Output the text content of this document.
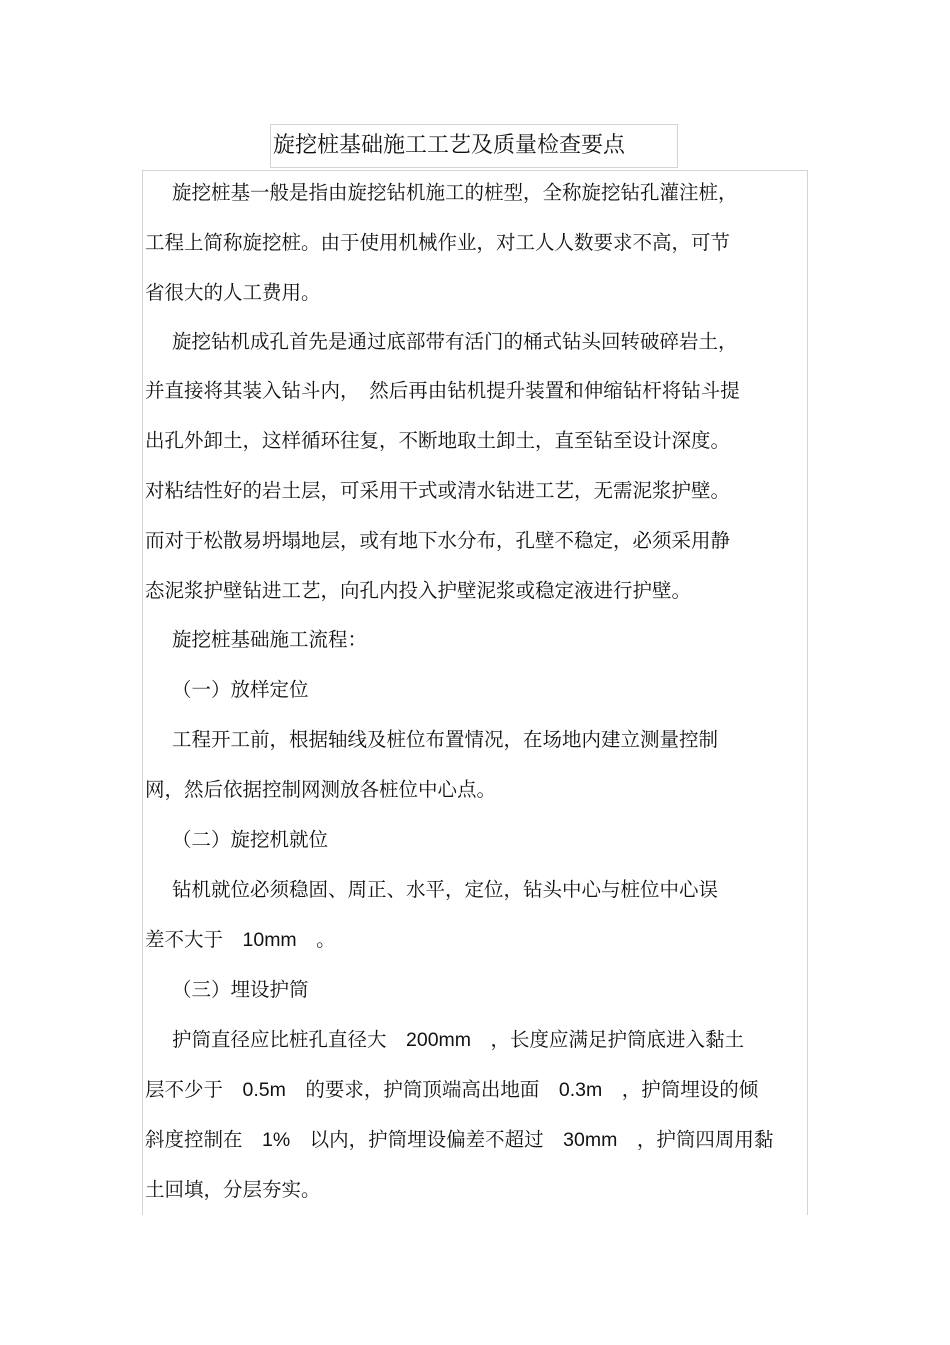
旋挖桩基础施工工艺及质量检查要点
旋挖桩基一般是指由旋挖钻机施工的桩型，全称旋挖钻孔灌注桩，
工程上简称旋挖桩。由于使用机械作业，对工人人数要求不高，可节
省很大的人工费用。
旋挖钻机成孔首先是通过底部带有活门的桶式钻头回转破碎岩土，
并直接将其装入钻斗内，　然后再由钻机提升装置和伸缩钻杆将钻斗提
出孔外卸土，这样循环往复，不断地取土卸土，直至钻至设计深度。
对粘结性好的岩土层，可采用干式或清水钻进工艺，无需泥浆护壁。
而对于松散易坍塌地层，或有地下水分布，孔壁不稳定，必须采用静
态泥浆护壁钻进工艺，向孔内投入护壁泥浆或稳定液进行护壁。
旋挖桩基础施工流程：
（一）放样定位
工程开工前，根据轴线及桩位布置情况，在场地内建立测量控制
网，然后依据控制网测放各桩位中心点。
（二）旋挖机就位
钻机就位必须稳固、周正、水平，定位，钻头中心与桩位中心误
差不大于　10mm　。
（三）埋设护筒
护筒直径应比桩孔直径大　200mm　，长度应满足护筒底进入黏土
层不少于　0.5m　的要求，护筒顶端高出地面　0.3m　，护筒埋设的倾
斜度控制在　1%　以内，护筒埋设偏差不超过　30mm　，护筒四周用黏
土回填，分层夯实。
